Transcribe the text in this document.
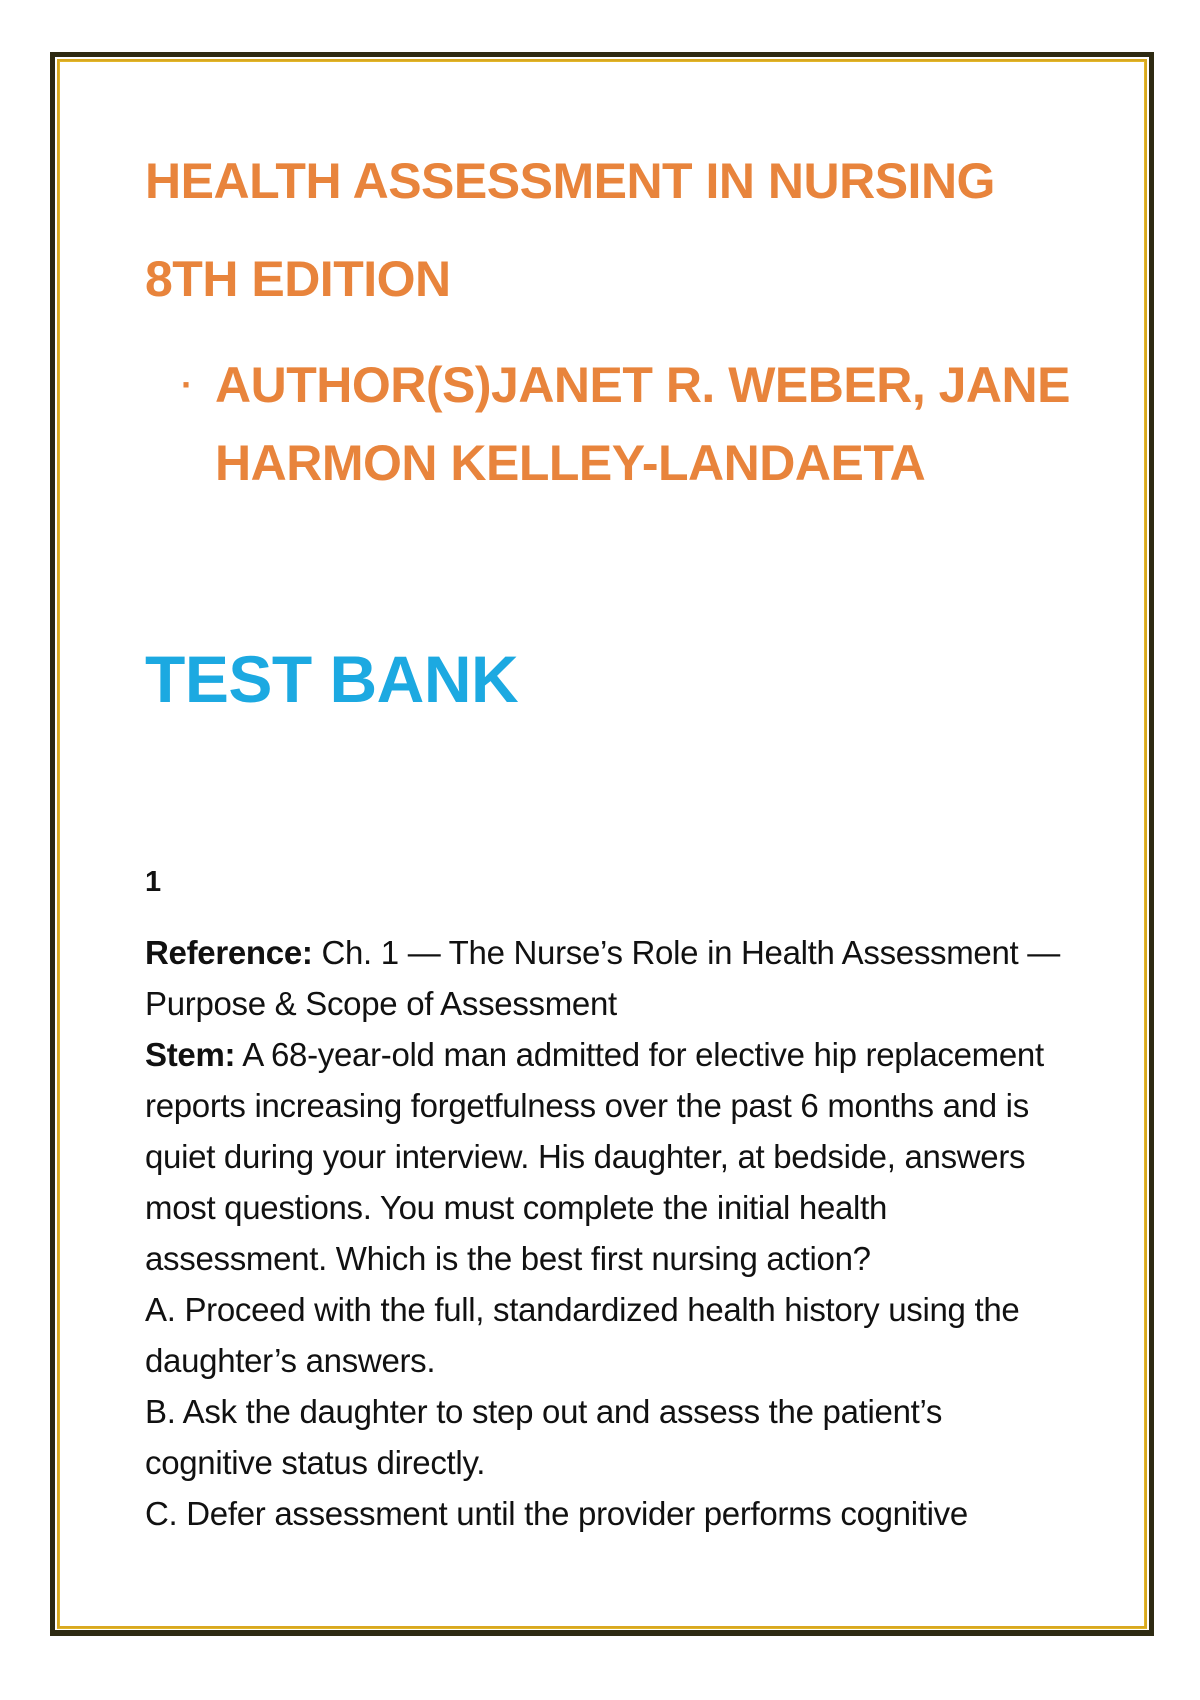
HEALTH ASSESSMENT IN NURSING

8TH EDITION

· AUTHOR(S)JANET R. WEBER, JANE
HARMON KELLEY-LANDAETA
TEST BANK
1

Reference: Ch. 1 — The Nurse’s Role in Health Assessment — Purpose & Scope of Assessment

Stem: A 68-year-old man admitted for elective hip replacement reports increasing forgetfulness over the past 6 months and is quiet during your interview. His daughter, at bedside, answers most questions. You must complete the initial health assessment. Which is the best first nursing action?

A. Proceed with the full, standardized health history using the daughter’s answers.

B. Ask the daughter to step out and assess the patient’s cognitive status directly.

C. Defer assessment until the provider performs cognitive
